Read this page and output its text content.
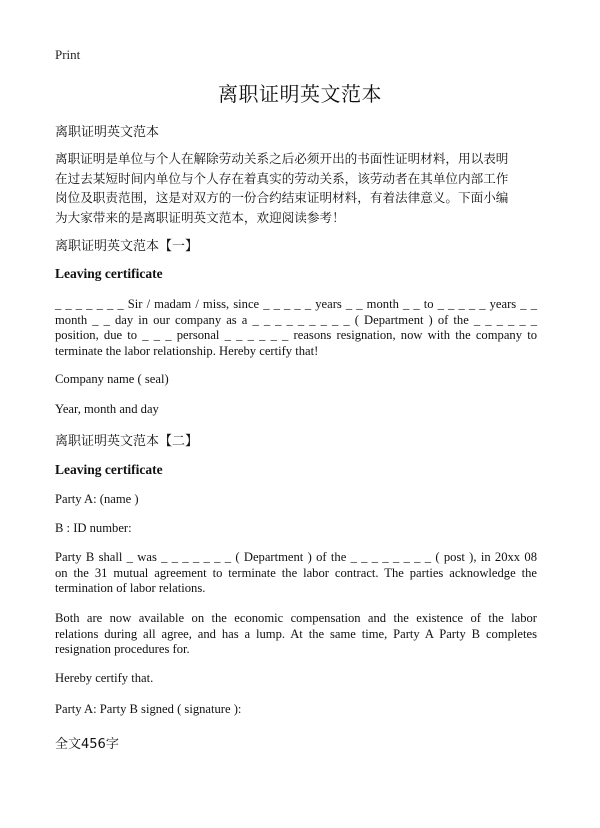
Print
离职证明英文范本
离职证明英文范本
离职证明是单位与个人在解除劳动关系之后必须开出的书面性证明材料，用以表明
在过去某短时间内单位与个人存在着真实的劳动关系，该劳动者在其单位内部工作
岗位及职责范围，这是对双方的一份合约结束证明材料，有着法律意义。下面小编
为大家带来的是离职证明英文范本，欢迎阅读参考！
离职证明英文范本【一】
Leaving certificate
_ _ _ _ _ _ _ Sir / madam / miss, since _ _ _ _ _ years _ _ month _ _ to _ _ _ _ _ years _ _
month _ _ day in our company as a _ _ _ _ _ _ _ _ _ ( Department ) of the _ _ _ _ _ _
position, due to _ _ _ personal _ _ _ _ _ _ reasons resignation, now with the company to
terminate the labor relationship. Hereby certify that!
Company name ( seal)
Year, month and day
离职证明英文范本【二】
Leaving certificate
Party A: (name )
B : ID number:
Party B shall _ was _ _ _ _ _ _ _ ( Department ) of the _ _ _ _ _ _ _ _ ( post ), in 20xx 08
on the 31 mutual agreement to terminate the labor contract. The parties acknowledge the
termination of labor relations.
Both are now available on the economic compensation and the existence of the labor
relations during all agree, and has a lump. At the same time, Party A Party B completes
resignation procedures for.
Hereby certify that.
Party A: Party B signed ( signature ):
全文456字
